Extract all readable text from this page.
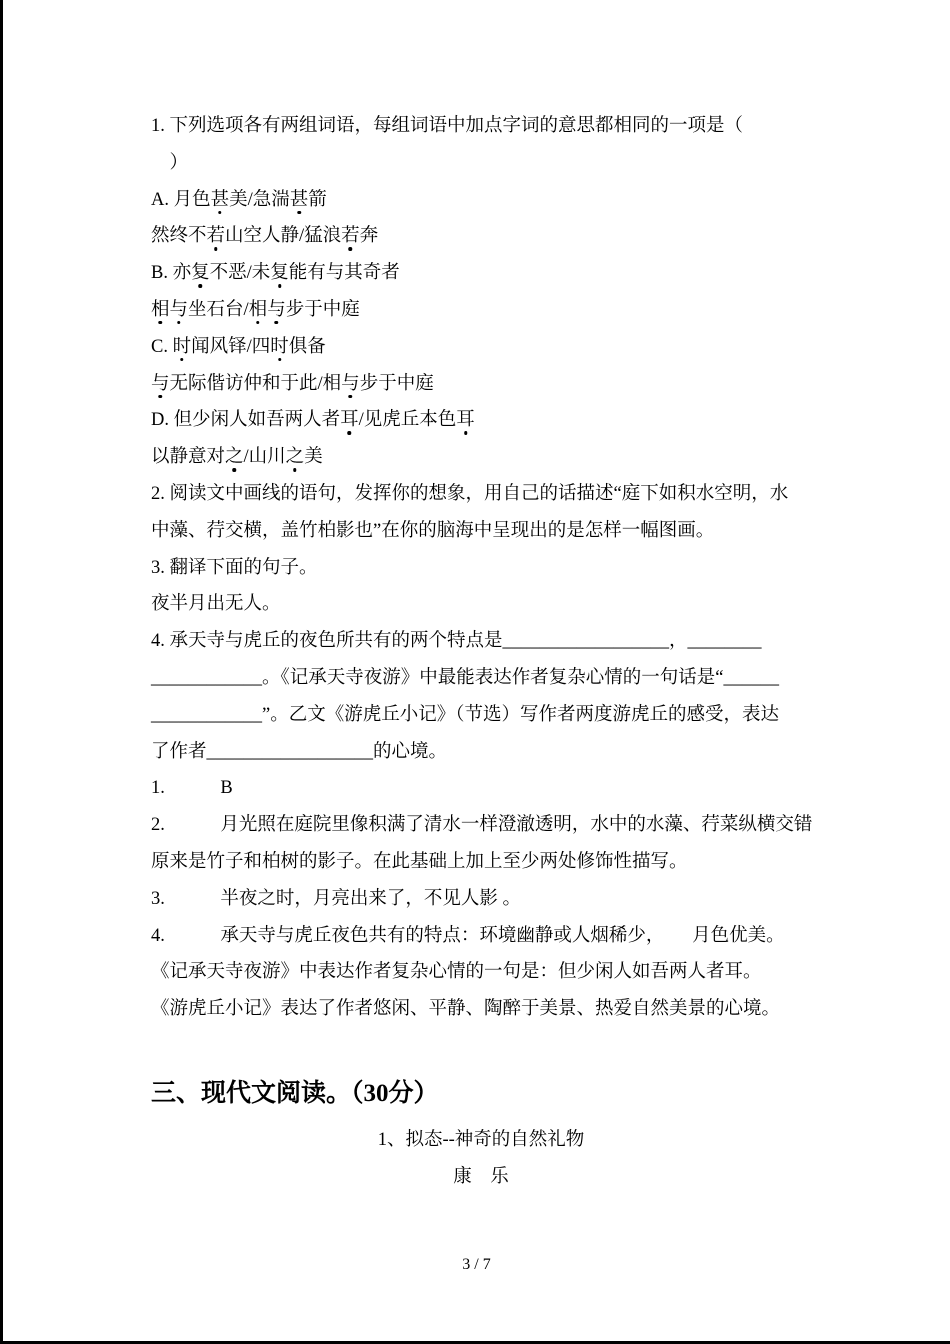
1. 下列选项各有两组词语，每组词语中加点字词的意思都相同的一项是（
　）
A. 月色甚美/急湍甚箭
然终不若山空人静/猛浪若奔
B. 亦复不恶/未复能有与其奇者
相与坐石台/相与步于中庭
C. 时闻风铎/四时俱备
与无际偕访仲和于此/相与步于中庭
D. 但少闲人如吾两人者耳/见虎丘本色耳
以静意对之/山川之美
2. 阅读文中画线的语句，发挥你的想象，用自己的话描述“庭下如积水空明，水
中藻、荇交横，盖竹柏影也”在你的脑海中呈现出的是怎样一幅图画。
3. 翻译下面的句子。
夜半月出无人。
4. 承天寺与虎丘的夜色所共有的两个特点是__________________，________
____________。《记承天寺夜游》中最能表达作者复杂心情的一句话是“______
____________”。乙文《游虎丘小记》（节选）写作者两度游虎丘的感受，表达
了作者__________________的心境。
1.　　　B
2.　　　月光照在庭院里像积满了清水一样澄澈透明，水中的水藻、荇菜纵横交错
原来是竹子和柏树的影子。在此基础上加上至少两处修饰性描写。
3.　　　半夜之时，月亮出来了，不见人影 。
4.　　　承天寺与虎丘夜色共有的特点：环境幽静或人烟稀少，　　月色优美。
《记承天寺夜游》中表达作者复杂心情的一句是：但少闲人如吾两人者耳。
《游虎丘小记》表达了作者悠闲、平静、陶醉于美景、热爱自然美景的心境。
三、现代文阅读。（30分）
1、拟态--神奇的自然礼物
康　乐
3 / 7
